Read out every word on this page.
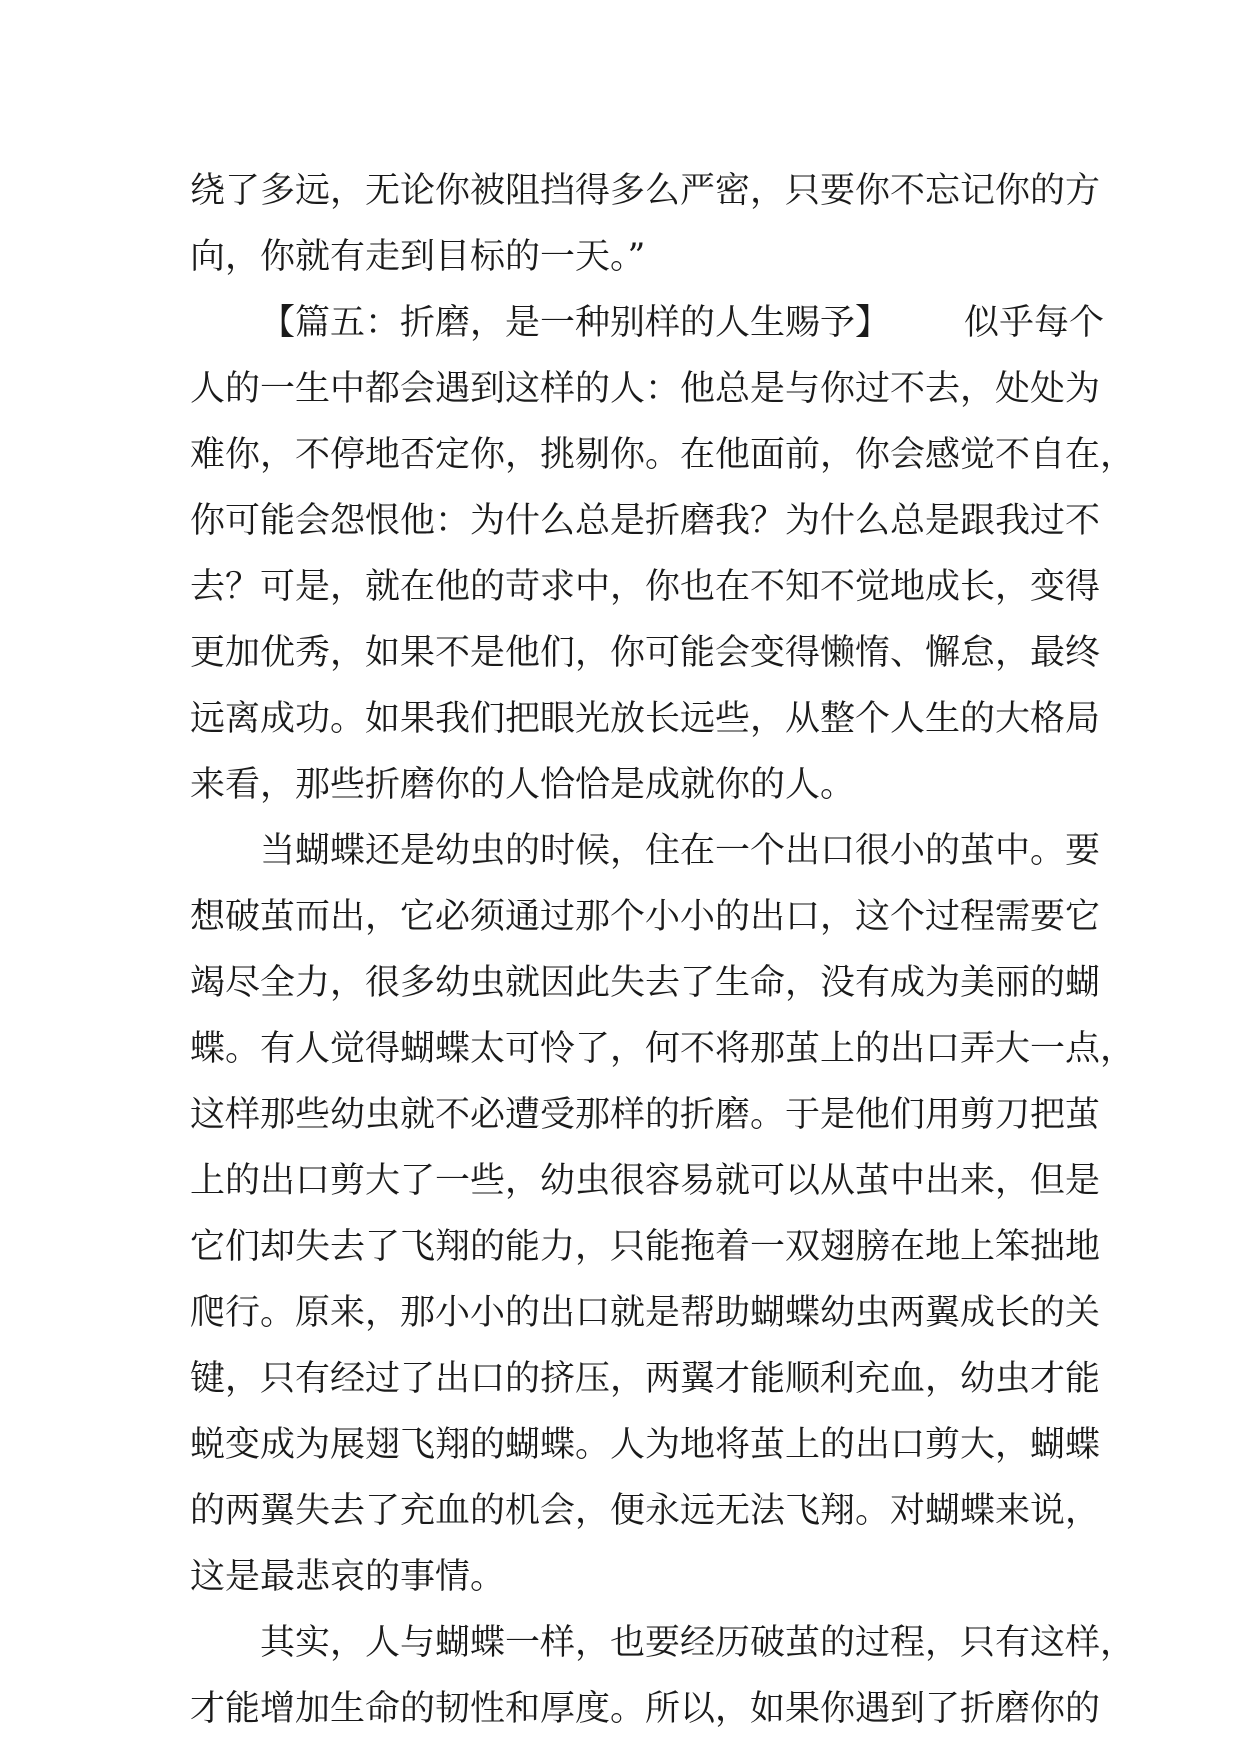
绕了多远，无论你被阻挡得多么严密，只要你不忘记你的方
向，你就有走到目标的一天。”
【篇五：折磨，是一种别样的人生赐予】 似乎每个
人的一生中都会遇到这样的人：他总是与你过不去，处处为
难你，不停地否定你，挑剔你。在他面前，你会感觉不自在，
你可能会怨恨他：为什么总是折磨我？为什么总是跟我过不
去？可是，就在他的苛求中，你也在不知不觉地成长，变得
更加优秀，如果不是他们，你可能会变得懒惰、懈怠，最终
远离成功。如果我们把眼光放长远些，从整个人生的大格局
来看，那些折磨你的人恰恰是成就你的人。
当蝴蝶还是幼虫的时候，住在一个出口很小的茧中。要
想破茧而出，它必须通过那个小小的出口，这个过程需要它
竭尽全力，很多幼虫就因此失去了生命，没有成为美丽的蝴
蝶。有人觉得蝴蝶太可怜了，何不将那茧上的出口弄大一点，
这样那些幼虫就不必遭受那样的折磨。于是他们用剪刀把茧
上的出口剪大了一些，幼虫很容易就可以从茧中出来，但是
它们却失去了飞翔的能力，只能拖着一双翅膀在地上笨拙地
爬行。原来，那小小的出口就是帮助蝴蝶幼虫两翼成长的关
键，只有经过了出口的挤压，两翼才能顺利充血，幼虫才能
蜕变成为展翅飞翔的蝴蝶。人为地将茧上的出口剪大，蝴蝶
的两翼失去了充血的机会，便永远无法飞翔。对蝴蝶来说，
这是最悲哀的事情。
其实，人与蝴蝶一样，也要经历破茧的过程，只有这样，
才能增加生命的韧性和厚度。所以，如果你遇到了折磨你的
